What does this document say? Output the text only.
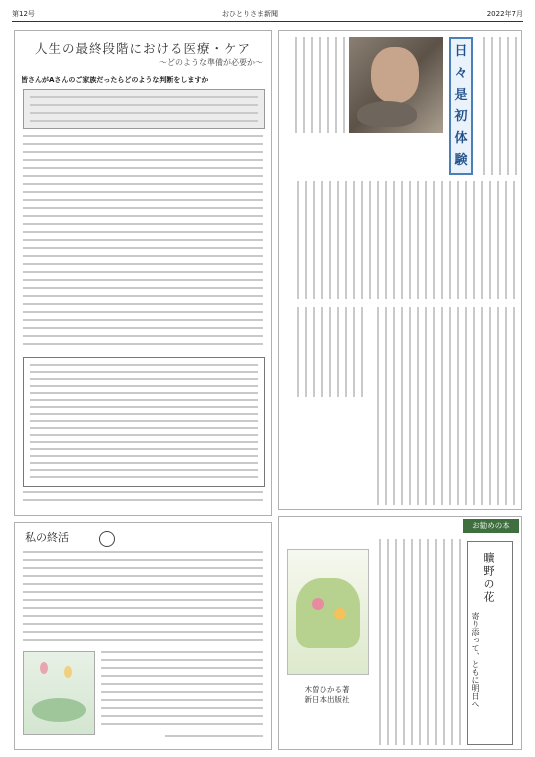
第12号	おひとりさま新聞	2022年7月
人生の最終段階における医療・ケア
～どのような準備が必要か～
皆さんがAさんのご家族だったらどのような判断をしますか
私の終活
日
々
是
初
体
験
お勧めの本
曠野の花
寄り添って、ともに明日へ
木曽ひかる著
新日本出版社
